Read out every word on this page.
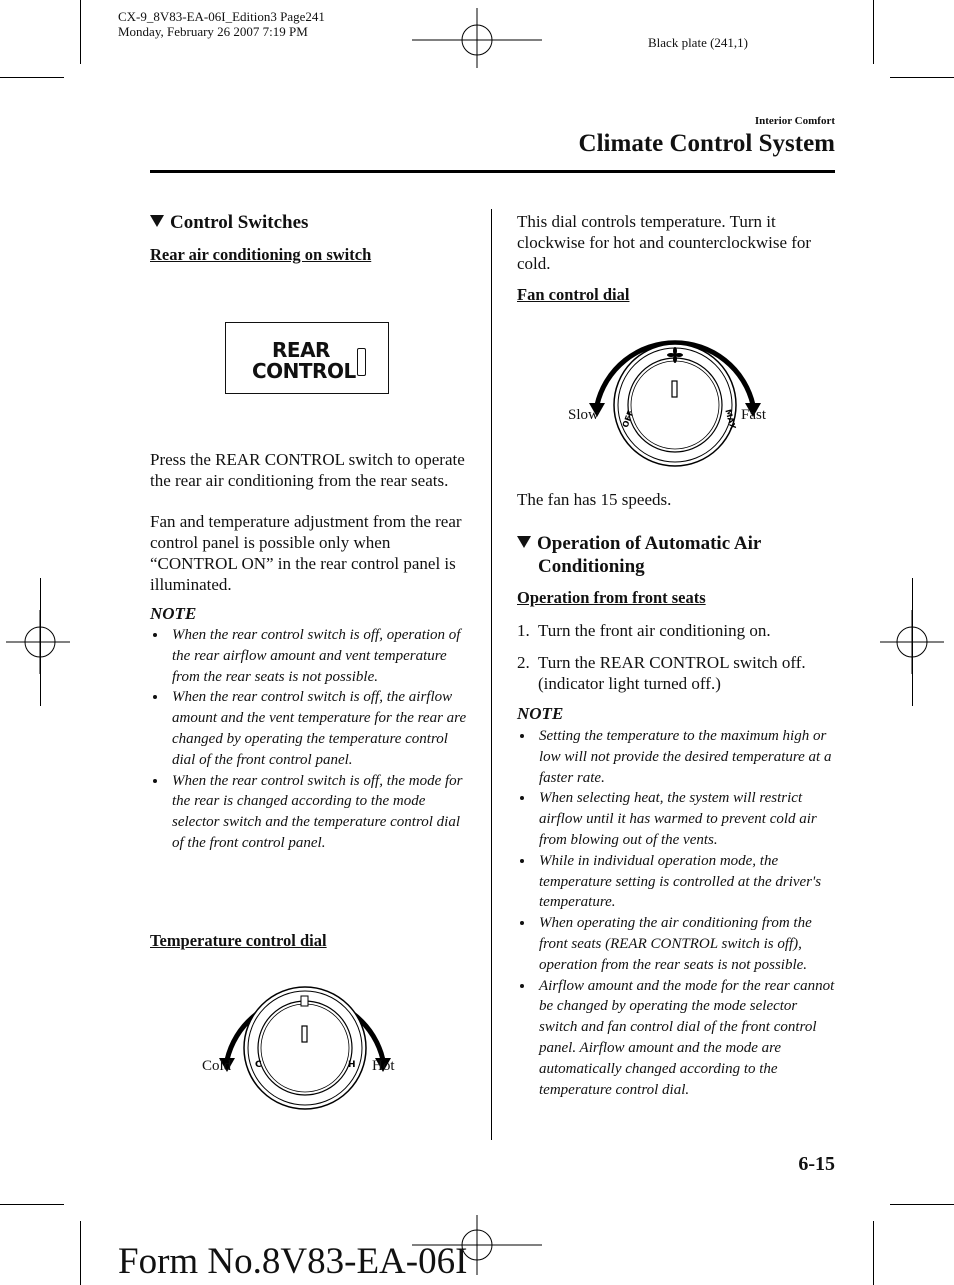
CX-9_8V83-EA-06I_Edition3 Page241
Monday, February 26 2007 7:19 PM
Black plate (241,1)
Interior Comfort
Climate Control System
Control Switches
Rear air conditioning on switch
REAR
CONTROL
Press the REAR CONTROL switch to operate the rear air conditioning from the rear seats.
Fan and temperature adjustment from the rear control panel is possible only when “CONTROL ON” in the rear control panel is illuminated.
NOTE
When the rear control switch is off, operation of the rear airflow amount and vent temperature from the rear seats is not possible.
When the rear control switch is off, the airflow amount and the vent temperature for the rear are changed by operating the temperature control dial of the front control panel.
When the rear control switch is off, the mode for the rear is changed according to the mode selector switch and the temperature control dial of the front control panel.
Temperature control dial
C	H
Cold	Hot
This dial controls temperature. Turn it clockwise for hot and counterclockwise for cold.
Fan control dial
OFF	MAX
Slow	Fast
The fan has 15 speeds.
Operation of Automatic Air
Conditioning
Operation from front seats
1. Turn the front air conditioning on.
2. Turn the REAR CONTROL switch off. (indicator light turned off.)
NOTE
Setting the temperature to the maximum high or low will not provide the desired temperature at a faster rate.
When selecting heat, the system will restrict airflow until it has warmed to prevent cold air from blowing out of the vents.
While in individual operation mode, the temperature setting is controlled at the driver's temperature.
When operating the air conditioning from the front seats (REAR CONTROL switch is off), operation from the rear seats is not possible.
Airflow amount and the mode for the rear cannot be changed by operating the mode selector switch and fan control dial of the front control panel. Airflow amount and the mode are automatically changed according to the temperature control dial.
6-15
Form No.8V83-EA-06I
